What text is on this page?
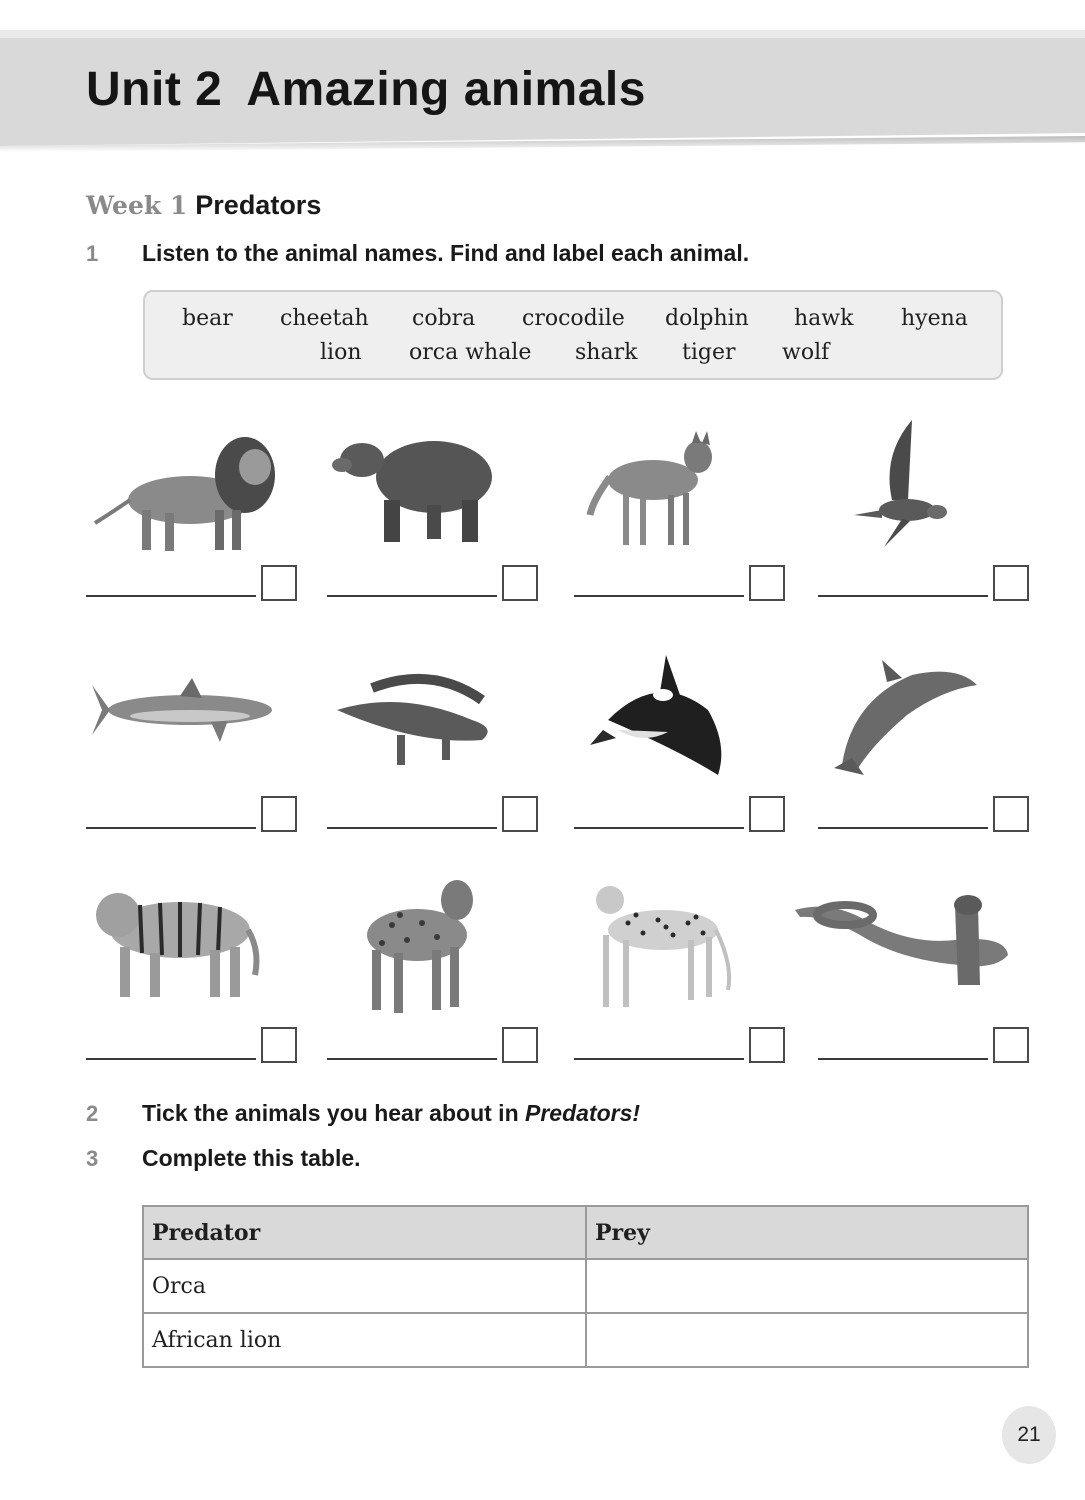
Unit 2 Amazing animals
Week 1 Predators
1 Listen to the animal names. Find and label each animal.
bear cheetah cobra crocodile dolphin hawk hyena
lion orca whale shark tiger wolf
2 Tick the animals you hear about in Predators!
3 Complete this table.
Predator	Prey
Orca	
African lion	
21
